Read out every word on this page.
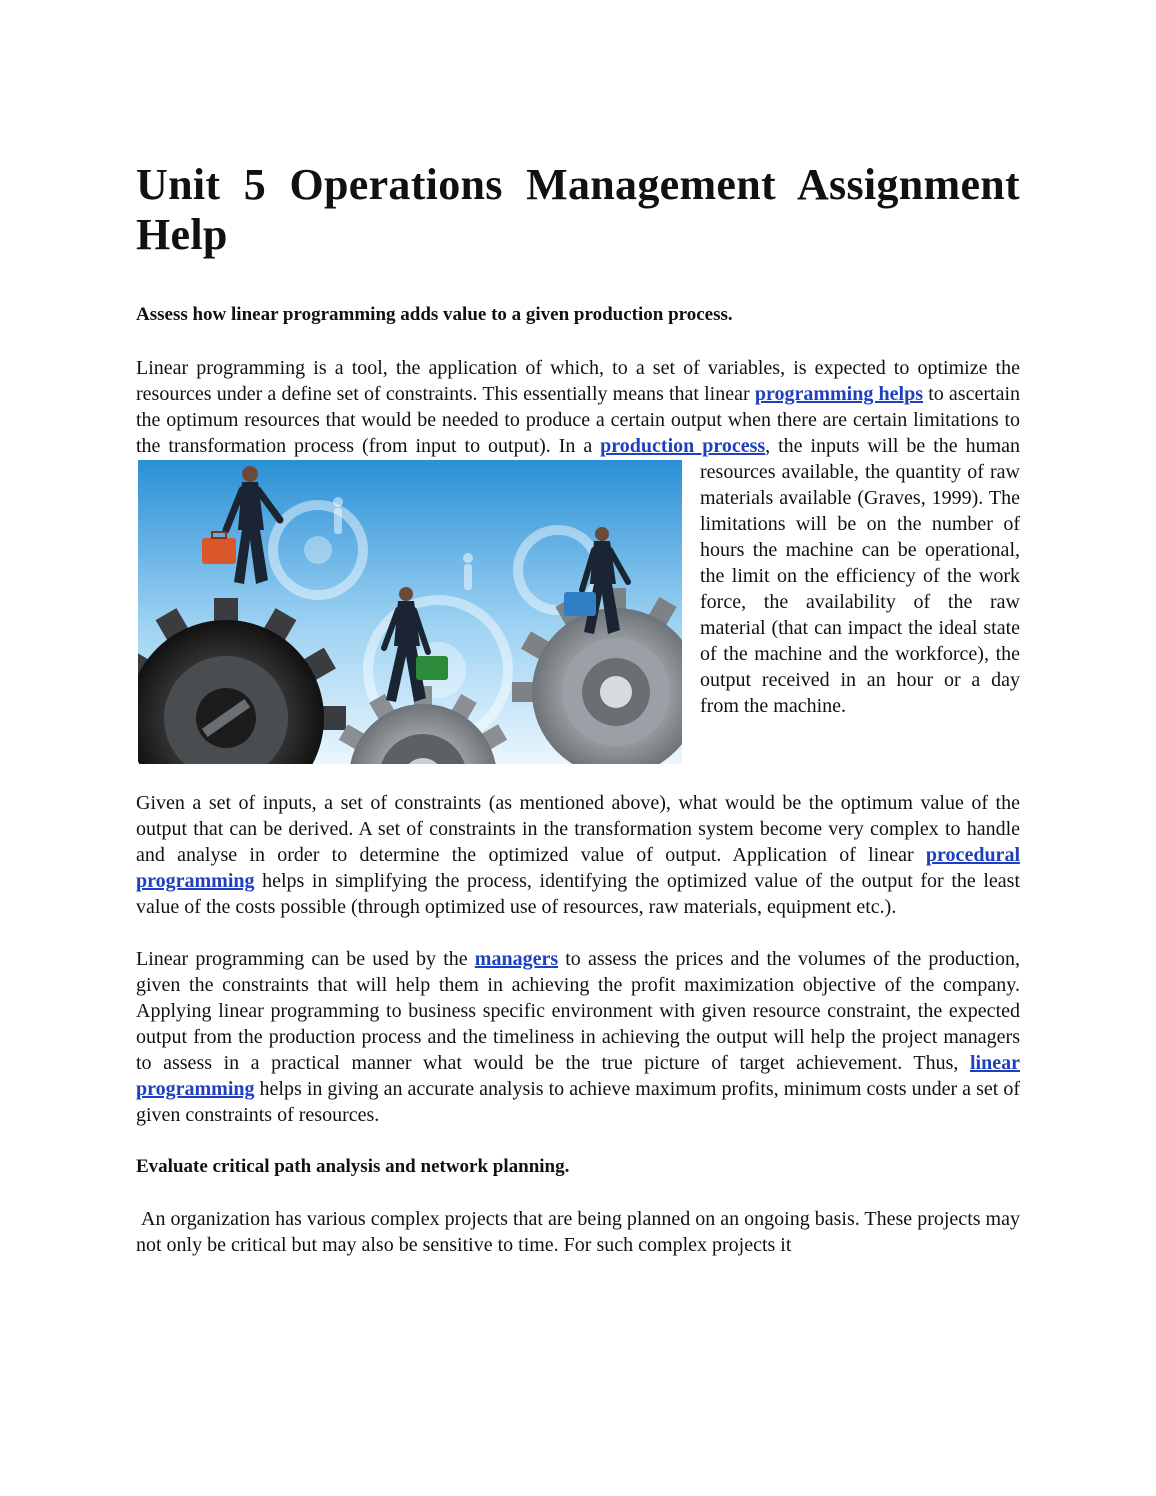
Unit 5 Operations Management Assignment Help
Assess how linear programming adds value to a given production process.

Linear programming is a tool, the application of which, to a set of variables, is expected to optimize the resources under a define set of constraints. This essentially means that linear programming helps to ascertain the optimum resources that would be needed to produce a certain output when there are certain limitations to the transformation process (from input to output). In a
production process, the inputs will be the human resources available, the quantity of raw materials available (Graves, 1999). The limitations will be on the number of hours the machine can be operational, the limit on the efficiency of the work force, the availability of the raw material (that can impact the ideal state of the machine and the workforce), the output received in an hour or a day from the machine.

Given a set of inputs, a set of constraints (as mentioned above), what would be the optimum value of the output that can be derived. A set of constraints in the transformation system become very complex to handle and analyse in order to determine the optimized value of output. Application of linear procedural programming helps in simplifying the process, identifying the optimized value of the output for the least value of the costs possible (through optimized use of resources, raw materials, equipment etc.).

Linear programming can be used by the managers to assess the prices and the volumes of the production, given the constraints that will help them in achieving the profit maximization objective of the company. Applying linear programming to business specific environment with given resource constraint, the expected output from the production process and the timeliness in achieving the output will help the project managers to assess in a practical manner what would be the true picture of target achievement. Thus, linear programming helps in giving an accurate analysis to achieve maximum profits, minimum costs under a set of given constraints of resources.

Evaluate critical path analysis and network planning.

An organization has various complex projects that are being planned on an ongoing basis. These projects may not only be critical but may also be sensitive to time. For such complex projects it
